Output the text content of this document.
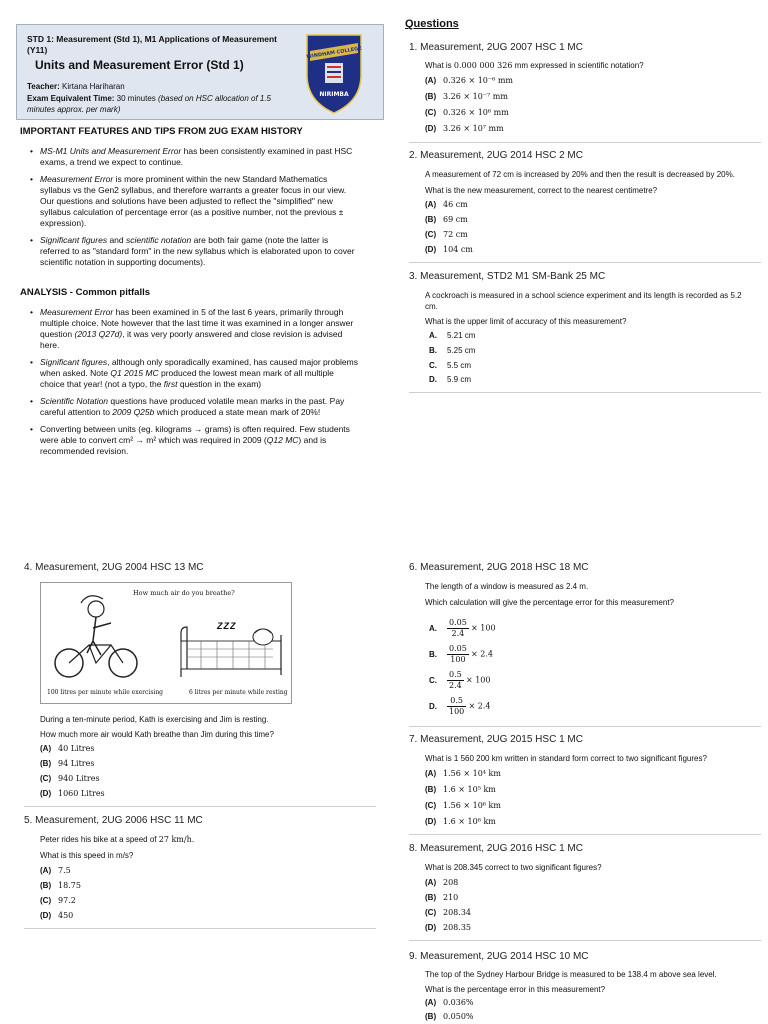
STD 1: Measurement (Std 1), M1 Applications of Measurement (Y11)
Units and Measurement Error (Std 1)
Teacher: Kirtana Hariharan
Exam Equivalent Time: 30 minutes (based on HSC allocation of 1.5 minutes approx. per mark)
WINDHAM COLLEGE
NIRIMBA
IMPORTANT FEATURES AND TIPS FROM 2UG EXAM HISTORY
• MS-M1 Units and Measurement Error has been consistently examined in past HSC exams, a trend we expect to continue.
• Measurement Error is more prominent within the new Standard Mathematics syllabus vs the Gen2 syllabus, and therefore warrants a greater focus in our view. Our questions and solutions have been adjusted to reflect the "simplified" new syllabus calculation of percentage error (as a positive number, not the previous ± expression).
• Significant figures and scientific notation are both fair game (note the latter is referred to as "standard form" in the new syllabus which is elaborated upon to cover scientific notation in supporting documents).
ANALYSIS - Common pitfalls
• Measurement Error has been examined in 5 of the last 6 years, primarily through multiple choice. Note however that the last time it was examined in a longer answer question (2013 Q27d), it was very poorly answered and close revision is advised here.
• Significant figures, although only sporadically examined, has caused major problems when asked. Note Q1 2015 MC produced the lowest mean mark of all multiple choice that year! (not a typo, the first question in the exam)
• Scientific Notation questions have produced volatile mean marks in the past. Pay careful attention to 2009 Q25b which produced a state mean mark of 20%!
• Converting between units (eg. kilograms → grams) is often required. Few students were able to convert cm² → m² which was required in 2009 (Q12 MC) and is recommended revision.
Questions
1. Measurement, 2UG 2007 HSC 1 MC
What is 0.000 000 326 mm expressed in scientific notation?
(A) 0.326 × 10⁻⁶ mm
(B) 3.26 × 10⁻⁷ mm
(C) 0.326 × 10⁶ mm
(D) 3.26 × 10⁷ mm
2. Measurement, 2UG 2014 HSC 2 MC
A measurement of 72 cm is increased by 20% and then the result is decreased by 20%.
What is the new measurement, correct to the nearest centimetre?
(A) 46 cm
(B) 69 cm
(C) 72 cm
(D) 104 cm
3. Measurement, STD2 M1 SM-Bank 25 MC
A cockroach is measured in a school science experiment and its length is recorded as 5.2 cm.
What is the upper limit of accuracy of this measurement?
A. 5.21 cm
B. 5.25 cm
C. 5.5 cm
D. 5.9 cm
4. Measurement, 2UG 2004 HSC 13 MC
How much air do you breathe?
ZZZ
100 litres per minute while exercising	6 litres per minute while resting
During a ten-minute period, Kath is exercising and Jim is resting.
How much more air would Kath breathe than Jim during this time?
(A) 40 Litres
(B) 94 Litres
(C) 940 Litres
(D) 1060 Litres
5. Measurement, 2UG 2006 HSC 11 MC
Peter rides his bike at a speed of 27 km/h.
What is this speed in m/s?
(A) 7.5
(B) 18.75
(C) 97.2
(D) 450
6. Measurement, 2UG 2018 HSC 18 MC
The length of a window is measured as 2.4 m.
Which calculation will give the percentage error for this measurement?
A. $\frac{0.05}{2.4} \times 100$
B. $\frac{0.05}{100} \times 2.4$
C. $\frac{0.5}{2.4} \times 100$
D. $\frac{0.5}{100} \times 2.4$
7. Measurement, 2UG 2015 HSC 1 MC
What is 1 560 200 km written in standard form correct to two significant figures?
(A) 1.56 × 10⁴ km
(B) 1.6 × 10⁵ km
(C) 1.56 × 10⁶ km
(D) 1.6 × 10⁶ km
8. Measurement, 2UG 2016 HSC 1 MC
What is 208.345 correct to two significant figures?
(A) 208
(B) 210
(C) 208.34
(D) 208.35
9. Measurement, 2UG 2014 HSC 10 MC
The top of the Sydney Harbour Bridge is measured to be 138.4 m above sea level.
What is the percentage error in this measurement?
(A) 0.036%
(B) 0.050%
